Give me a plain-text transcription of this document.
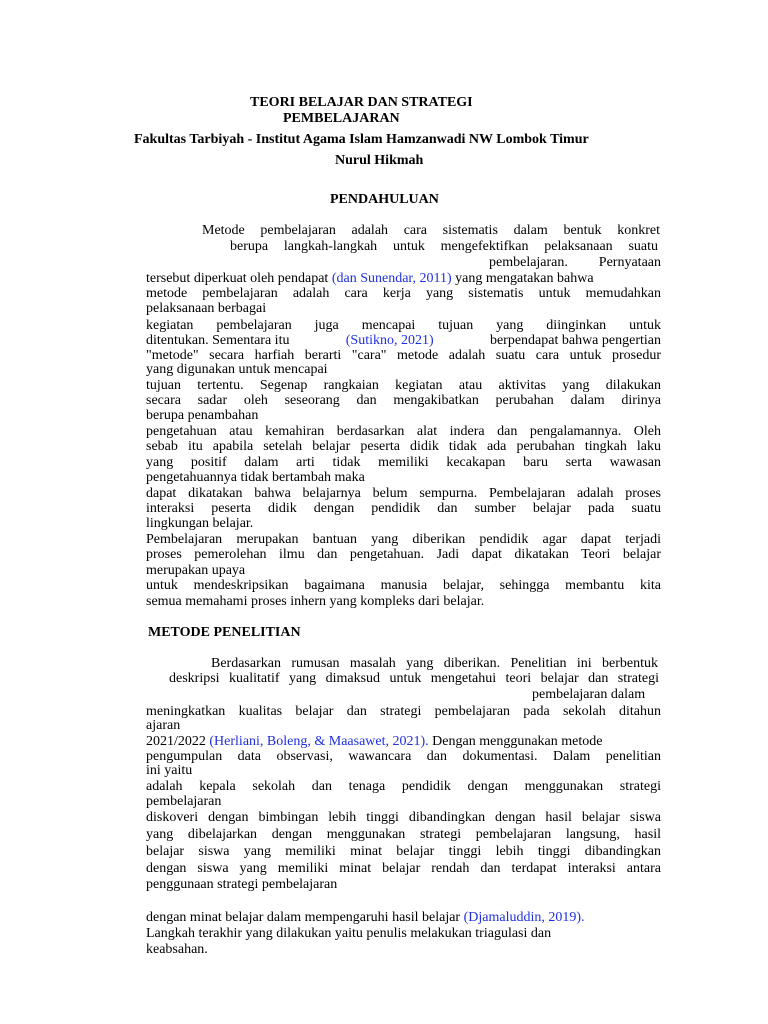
TEORI BELAJAR DAN STRATEGI
PEMBELAJARAN
Fakultas Tarbiyah - Institut Agama Islam Hamzanwadi NW Lombok Timur
Nurul Hikmah
PENDAHULUAN
Metode pembelajaran adalah cara sistematis dalam bentuk konkret
berupa langkah-langkah untuk mengefektifkan pelaksanaan suatu
pembelajaran. Pernyataan
tersebut diperkuat oleh pendapat (dan Sunendar, 2011) yang mengatakan bahwa
metode pembelajaran adalah cara kerja yang sistematis untuk memudahkan
pelaksanaan berbagai
kegiatan pembelajaran juga mencapai tujuan yang diinginkan untuk
ditentukan. Sementara itu	(Sutikno, 2021)	berpendapat bahwa pengertian
"metode" secara harfiah berarti "cara" metode adalah suatu cara untuk prosedur
yang digunakan untuk mencapai
tujuan tertentu. Segenap rangkaian kegiatan atau aktivitas yang dilakukan
secara sadar oleh seseorang dan mengakibatkan perubahan dalam dirinya
berupa penambahan
pengetahuan atau kemahiran berdasarkan alat indera dan pengalamannya. Oleh
sebab itu apabila setelah belajar peserta didik tidak ada perubahan tingkah laku
yang positif dalam arti tidak memiliki kecakapan baru serta wawasan
pengetahuannya tidak bertambah maka
dapat dikatakan bahwa belajarnya belum sempurna. Pembelajaran adalah proses
interaksi peserta didik dengan pendidik dan sumber belajar pada suatu
lingkungan belajar.
Pembelajaran merupakan bantuan yang diberikan pendidik agar dapat terjadi
proses pemerolehan ilmu dan pengetahuan. Jadi dapat dikatakan Teori belajar
merupakan upaya
untuk mendeskripsikan bagaimana manusia belajar, sehingga membantu kita
semua memahami proses inhern yang kompleks dari belajar.
METODE PENELITIAN
Berdasarkan rumusan masalah yang diberikan. Penelitian ini berbentuk
deskripsi kualitatif yang dimaksud untuk mengetahui teori belajar dan strategi
pembelajaran dalam
meningkatkan kualitas belajar dan strategi pembelajaran pada sekolah ditahun
ajaran
2021/2022 (Herliani, Boleng, & Maasawet, 2021). Dengan menggunakan metode
pengumpulan data observasi, wawancara dan dokumentasi. Dalam penelitian
ini yaitu
adalah kepala sekolah dan tenaga pendidik dengan menggunakan strategi
pembelajaran
diskoveri dengan bimbingan lebih tinggi dibandingkan dengan hasil belajar siswa
yang dibelajarkan dengan menggunakan strategi pembelajaran langsung, hasil
belajar siswa yang memiliki minat belajar tinggi lebih tinggi dibandingkan
dengan siswa yang memiliki minat belajar rendah dan terdapat interaksi antara
penggunaan strategi pembelajaran
dengan minat belajar dalam mempengaruhi hasil belajar (Djamaluddin, 2019).
Langkah terakhir yang dilakukan yaitu penulis melakukan triagulasi dan
keabsahan.
